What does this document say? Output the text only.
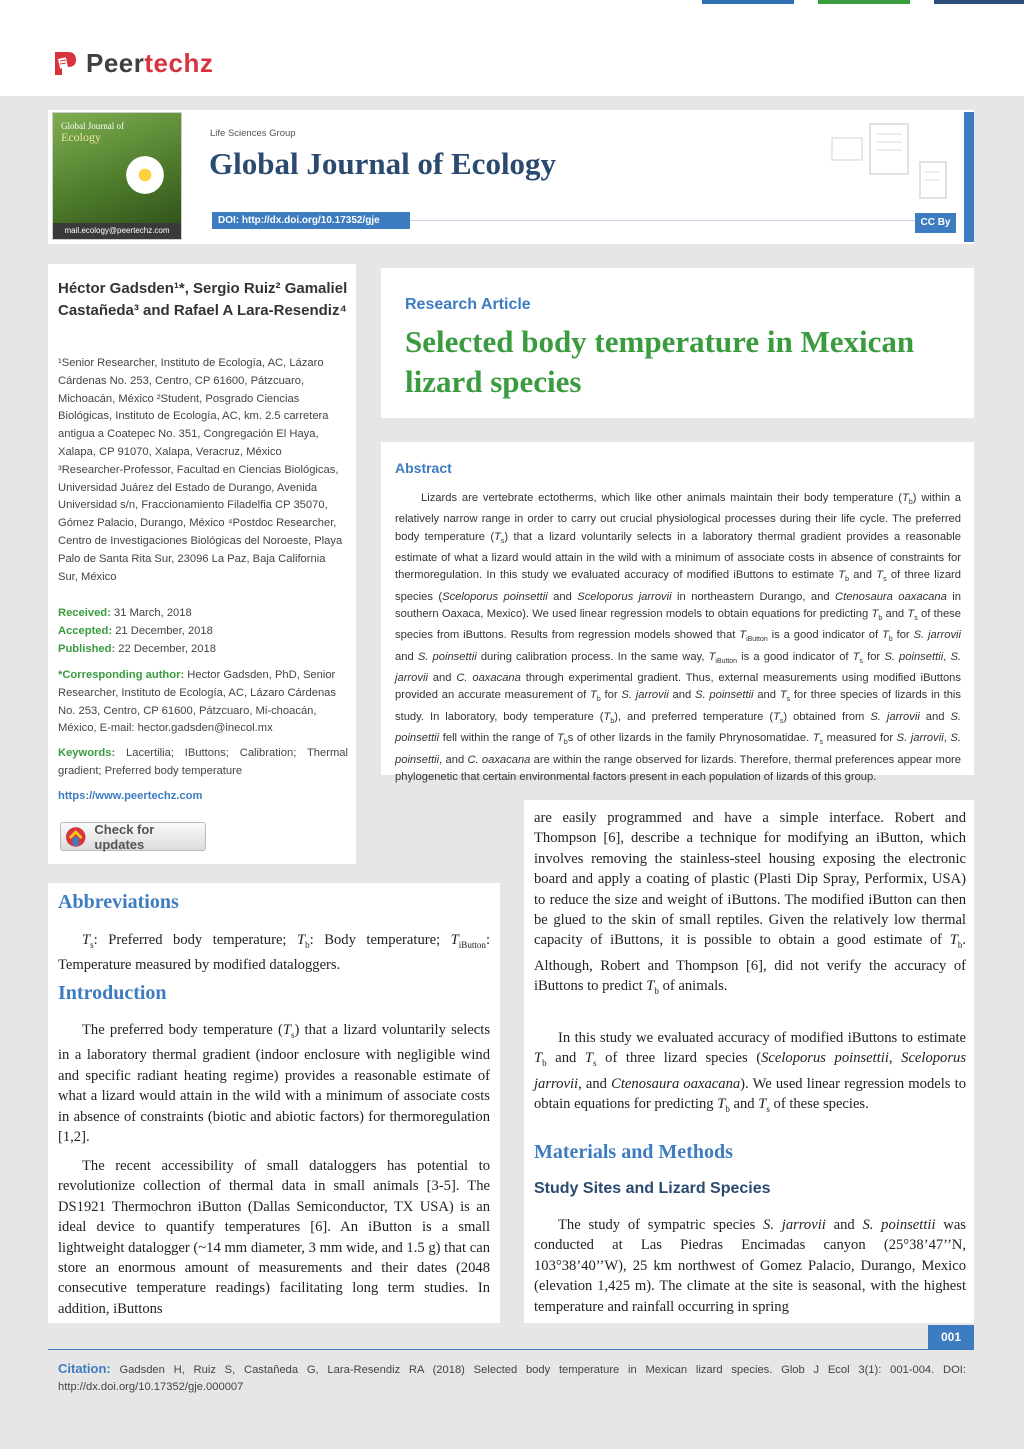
Peertechz
Global Journal of
Ecology
mail.ecology@peertechz.com
Life Sciences Group
Global Journal of Ecology
DOI: http://dx.doi.org/10.17352/gje	CC By
Héctor Gadsden¹*, Sergio Ruiz² Gamaliel Castañeda³ and Rafael A Lara-Resendiz⁴
¹Senior Researcher, Instituto de Ecología, AC, Lázaro Cárdenas No. 253, Centro, CP 61600, Pátzcuaro, Michoacán, México ²Student, Posgrado Ciencias Biológicas, Instituto de Ecología, AC, km. 2.5 carretera antigua a Coatepec No. 351, Congregación El Haya, Xalapa, CP 91070, Xalapa, Veracruz, México ³Researcher-Professor, Facultad en Ciencias Biológicas, Universidad Juárez del Estado de Durango, Avenida Universidad s/n, Fraccionamiento Filadelfia CP 35070, Gómez Palacio, Durango, México ⁴Postdoc Researcher, Centro de Investigaciones Biológicas del Noroeste, Playa Palo de Santa Rita Sur, 23096 La Paz, Baja California Sur, México
Received: 31 March, 2018
Accepted: 21 December, 2018
Published: 22 December, 2018
*Corresponding author: Hector Gadsden, PhD, Senior Researcher, Instituto de Ecología, AC, Lázaro Cárdenas No. 253, Centro, CP 61600, Pátzcuaro, Mi-choacán, México, E-mail: hector.gadsden@inecol.mx
Keywords: Lacertilia; IButtons; Calibration; Thermal gradient; Preferred body temperature
https://www.peertechz.com
Check for updates
Research Article
Selected body temperature in Mexican lizard species
Abstract
Lizards are vertebrate ectotherms, which like other animals maintain their body temperature $(T_b)$ within a relatively narrow range in order to carry out crucial physiological processes during their life cycle. The preferred body temperature $(T_s)$ that a lizard voluntarily selects in a laboratory thermal gradient provides a reasonable estimate of what a lizard would attain in the wild with a minimum of associate costs in absence of constraints for thermoregulation. In this study we evaluated accuracy of modified iButtons to estimate $T_b$ and $T_s$ of three lizard species (Sceloporus poinsettii and Sceloporus jarrovii in northeastern Durango, and Ctenosaura oaxacana in southern Oaxaca, Mexico). We used linear regression models to obtain equations for predicting $T_b$ and $T_s$ of these species from iButtons. Results from regression models showed that $T_{iButton}$ is a good indicator of $T_b$ for S. jarrovii and S. poinsettii during calibration process. In the same way, $T_{iButton}$ is a good indicator of $T_s$ for S. poinsettii, S. jarrovii and C. oaxacana through experimental gradient. Thus, external measurements using modified iButtons provided an accurate measurement of $T_b$ for S. jarrovii and S. poinsettii and $T_s$ for three species of lizards in this study. In laboratory, body temperature $(T_b)$, and preferred temperature $(T_s)$ obtained from S. jarrovii and S. poinsettii fell within the range of $T_bs$ of other lizards in the family Phrynosomatidae. $T_s$ measured for S. jarrovii, S. poinsettii, and C. oaxacana are within the range observed for lizards. Therefore, thermal preferences appear more phylogenetic that certain environmental factors present in each population of lizards of this group.
Abbreviations
$T_s$: Preferred body temperature; $T_b$: Body temperature; $T_{iButton}$: Temperature measured by modified dataloggers.
Introduction
The preferred body temperature $(T_s)$ that a lizard voluntarily selects in a laboratory thermal gradient (indoor enclosure with negligible wind and specific radiant heating regime) provides a reasonable estimate of what a lizard would attain in the wild with a minimum of associate costs in absence of constraints (biotic and abiotic factors) for thermoregulation [1,2].
The recent accessibility of small dataloggers has potential to revolutionize collection of thermal data in small animals [3-5]. The DS1921 Thermochron iButton (Dallas Semiconductor, TX USA) is an ideal device to quantify temperatures [6]. An iButton is a small lightweight datalogger (~14 mm diameter, 3 mm wide, and 1.5 g) that can store an enormous amount of measurements and their dates (2048 consecutive temperature readings) facilitating long term studies. In addition, iButtons
are easily programmed and have a simple interface. Robert and Thompson [6], describe a technique for modifying an iButton, which involves removing the stainless-steel housing exposing the electronic board and apply a coating of plastic (Plasti Dip Spray, Performix, USA) to reduce the size and weight of iButtons. The modified iButton can then be glued to the skin of small reptiles. Given the relatively low thermal capacity of iButtons, it is possible to obtain a good estimate of $T_b$. Although, Robert and Thompson [6], did not verify the accuracy of iButtons to predict $T_b$ of animals.
In this study we evaluated accuracy of modified iButtons to estimate $T_b$ and $T_s$ of three lizard species (Sceloporus poinsettii, Sceloporus jarrovii, and Ctenosaura oaxacana). We used linear regression models to obtain equations for predicting $T_b$ and $T_s$ of these species.
Materials and Methods
Study Sites and Lizard Species
The study of sympatric species S. jarrovii and S. poinsettii was conducted at Las Piedras Encimadas canyon (25°38’47’’N, 103°38’40’’W), 25 km northwest of Gomez Palacio, Durango, Mexico (elevation 1,425 m). The climate at the site is seasonal, with the highest temperature and rainfall occurring in spring
001
Citation: Gadsden H, Ruiz S, Castañeda G, Lara-Resendiz RA (2018) Selected body temperature in Mexican lizard species. Glob J Ecol 3(1): 001-004. DOI: http://dx.doi.org/10.17352/gje.000007
